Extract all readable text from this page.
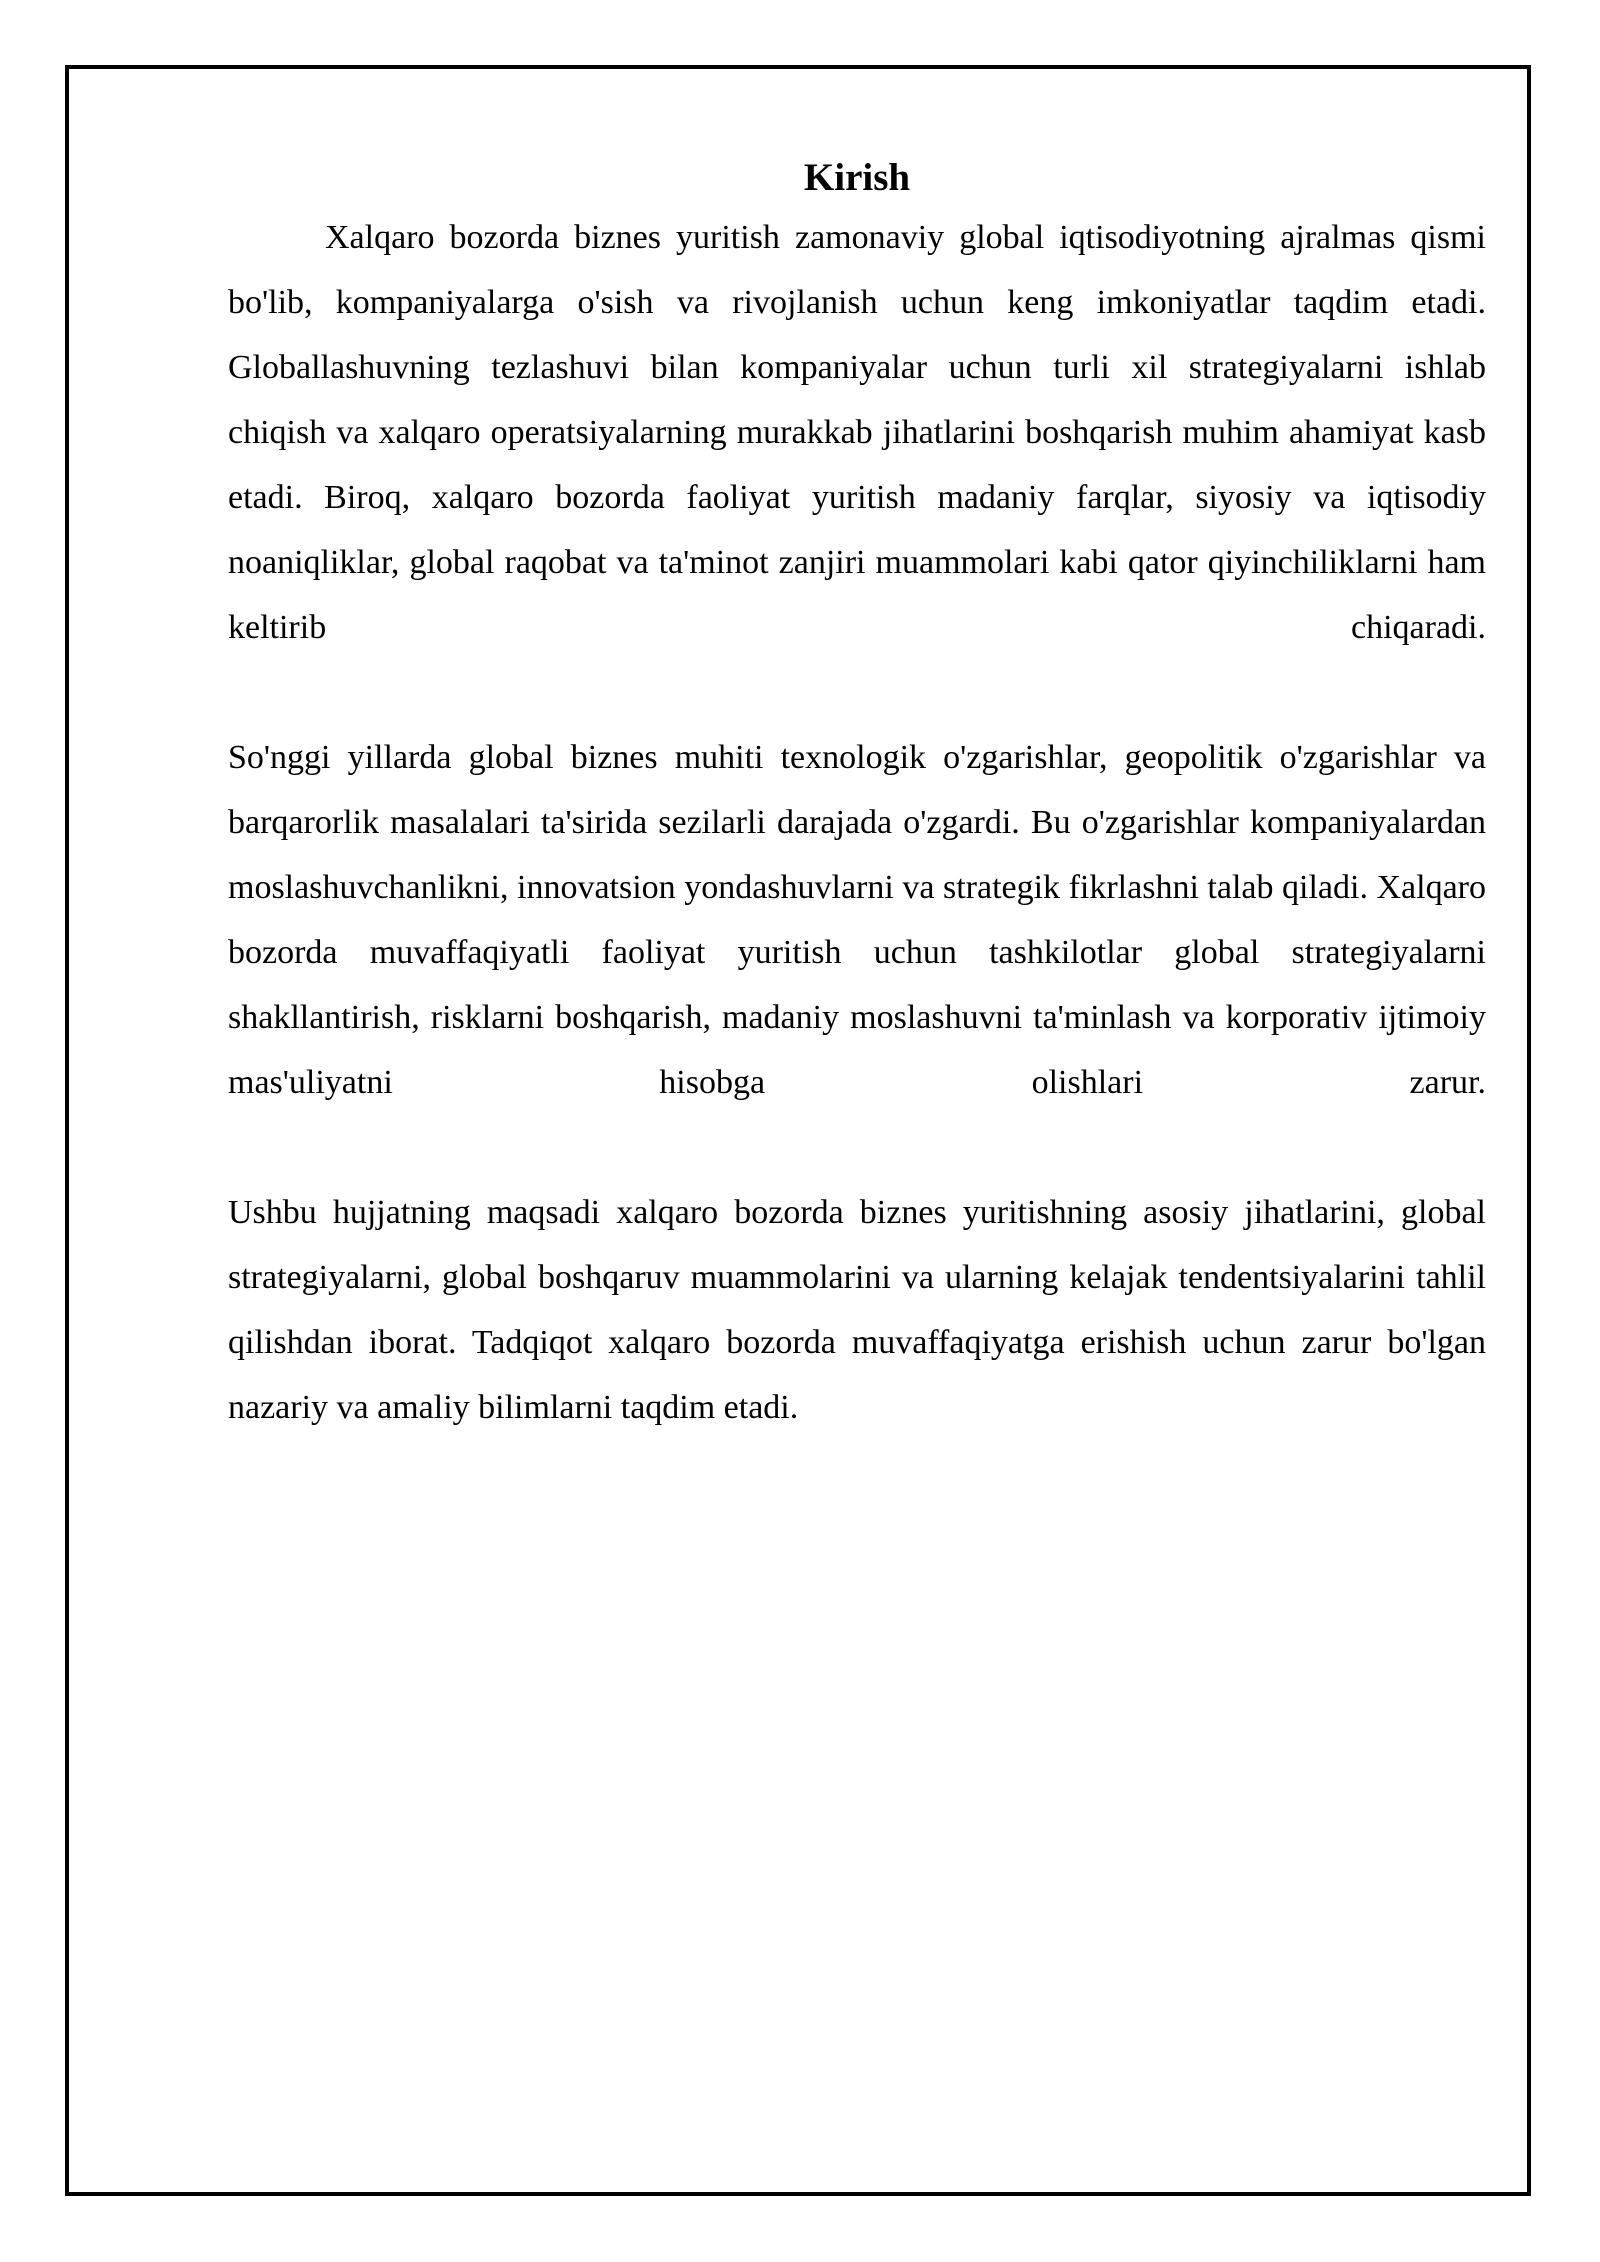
Kirish

Xalqaro bozorda biznes yuritish zamonaviy global iqtisodiyotning ajralmas qismi bo'lib, kompaniyalarga o'sish va rivojlanish uchun keng imkoniyatlar taqdim etadi. Globallashuvning tezlashuvi bilan kompaniyalar uchun turli xil strategiyalarni ishlab chiqish va xalqaro operatsiyalarning murakkab jihatlarini boshqarish muhim ahamiyat kasb etadi. Biroq, xalqaro bozorda faoliyat yuritish madaniy farqlar, siyosiy va iqtisodiy noaniqliklar, global raqobat va ta'minot zanjiri muammolari kabi qator qiyinchiliklarni ham keltirib chiqaradi.

So'nggi yillarda global biznes muhiti texnologik o'zgarishlar, geopolitik o'zgarishlar va barqarorlik masalalari ta'sirida sezilarli darajada o'zgardi. Bu o'zgarishlar kompaniyalardan moslashuvchanlikni, innovatsion yondashuvlarni va strategik fikrlashni talab qiladi. Xalqaro bozorda muvaffaqiyatli faoliyat yuritish uchun tashkilotlar global strategiyalarni shakllantirish, risklarni boshqarish, madaniy moslashuvni ta'minlash va korporativ ijtimoiy mas'uliyatni hisobga olishlari zarur.

Ushbu hujjatning maqsadi xalqaro bozorda biznes yuritishning asosiy jihatlarini, global strategiyalarni, global boshqaruv muammolarini va ularning kelajak tendentsiyalarini tahlil qilishdan iborat. Tadqiqot xalqaro bozorda muvaffaqiyatga erishish uchun zarur bo'lgan nazariy va amaliy bilimlarni taqdim etadi.
